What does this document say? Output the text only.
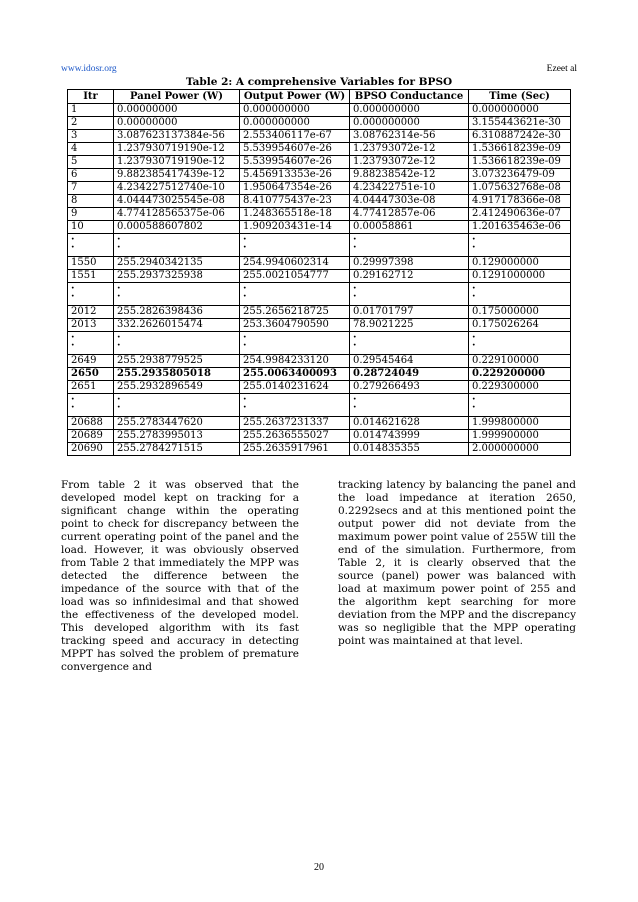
www.idosr.org	Ezeet al
Table 2: A comprehensive Variables for BPSO
Itr	Panel Power (W)	Output Power (W)	BPSO Conductance	Time (Sec)
1	0.00000000	0.000000000	0.000000000	0.000000000
2	0.00000000	0.000000000	0.000000000	3.155443621e-30
3	3.087623137384e-56	2.553406117e-67	3.08762314e-56	6.310887242e-30
4	1.237930719190e-12	5.539954607e-26	1.23793072e-12	1.536618239e-09
5	1.237930719190e-12	5.539954607e-26	1.23793072e-12	1.536618239e-09
6	9.882385417439e-12	5.456913353e-26	9.88238542e-12	3.073236479-09
7	4.234227512740e-10	1.950647354e-26	4.23422751e-10	1.075632768e-08
8	4.044473025545e-08	8.410775437e-23	4.04447303e-08	4.917178366e-08
9	4.774128565375e-06	1.248365518e-18	4.77412857e-06	2.412490636e-07
10	0.000588607802	1.909203431e-14	0.00058861	1.201635463e-06
·
·	·
·	·
·	·
·	·
·
1550	255.2940342135	254.9940602314	0.29997398	0.129000000
1551	255.2937325938	255.0021054777	0.29162712	0.1291000000
·
·	·
·	·
·	·
·	·
·
2012	255.2826398436	255.2656218725	0.01701797	0.175000000
2013	332.2626015474	253.3604790590	78.9021225	0.175026264
·
·	·
·	·
·	·
·	·
·
2649	255.2938779525	254.9984233120	0.29545464	0.229100000
2650	255.2935805018	255.0063400093	0.28724049	0.229200000
2651	255.2932896549	255.0140231624	0.279266493	0.229300000
·
·	·
·	·
·	·
·	·
·
20688	255.2783447620	255.2637231337	0.014621628	1.999800000
20689	255.2783995013	255.2636555027	0.014743999	1.999900000
20690	255.2784271515	255.2635917961	0.014835355	2.000000000
From table 2 it was observed that the developed model kept on tracking for a significant change within the operating point to check for discrepancy between the current operating point of the panel and the load. However, it was obviously observed from Table 2 that immediately the MPP was detected the difference between the impedance of the source with that of the load was so infinidesimal and that showed the effectiveness of the developed model. This developed algorithm with its fast tracking speed and accuracy in detecting MPPT has solved the problem of premature convergence and
tracking latency by balancing the panel and the load impedance at iteration 2650, 0.2292secs and at this mentioned point the output power did not deviate from the maximum power point value of 255W till the end of the simulation. Furthermore, from Table 2, it is clearly observed that the source (panel) power was balanced with load at maximum power point of 255 and the algorithm kept searching for more deviation from the MPP and the discrepancy was so negligible that the MPP operating point was maintained at that level.
20
